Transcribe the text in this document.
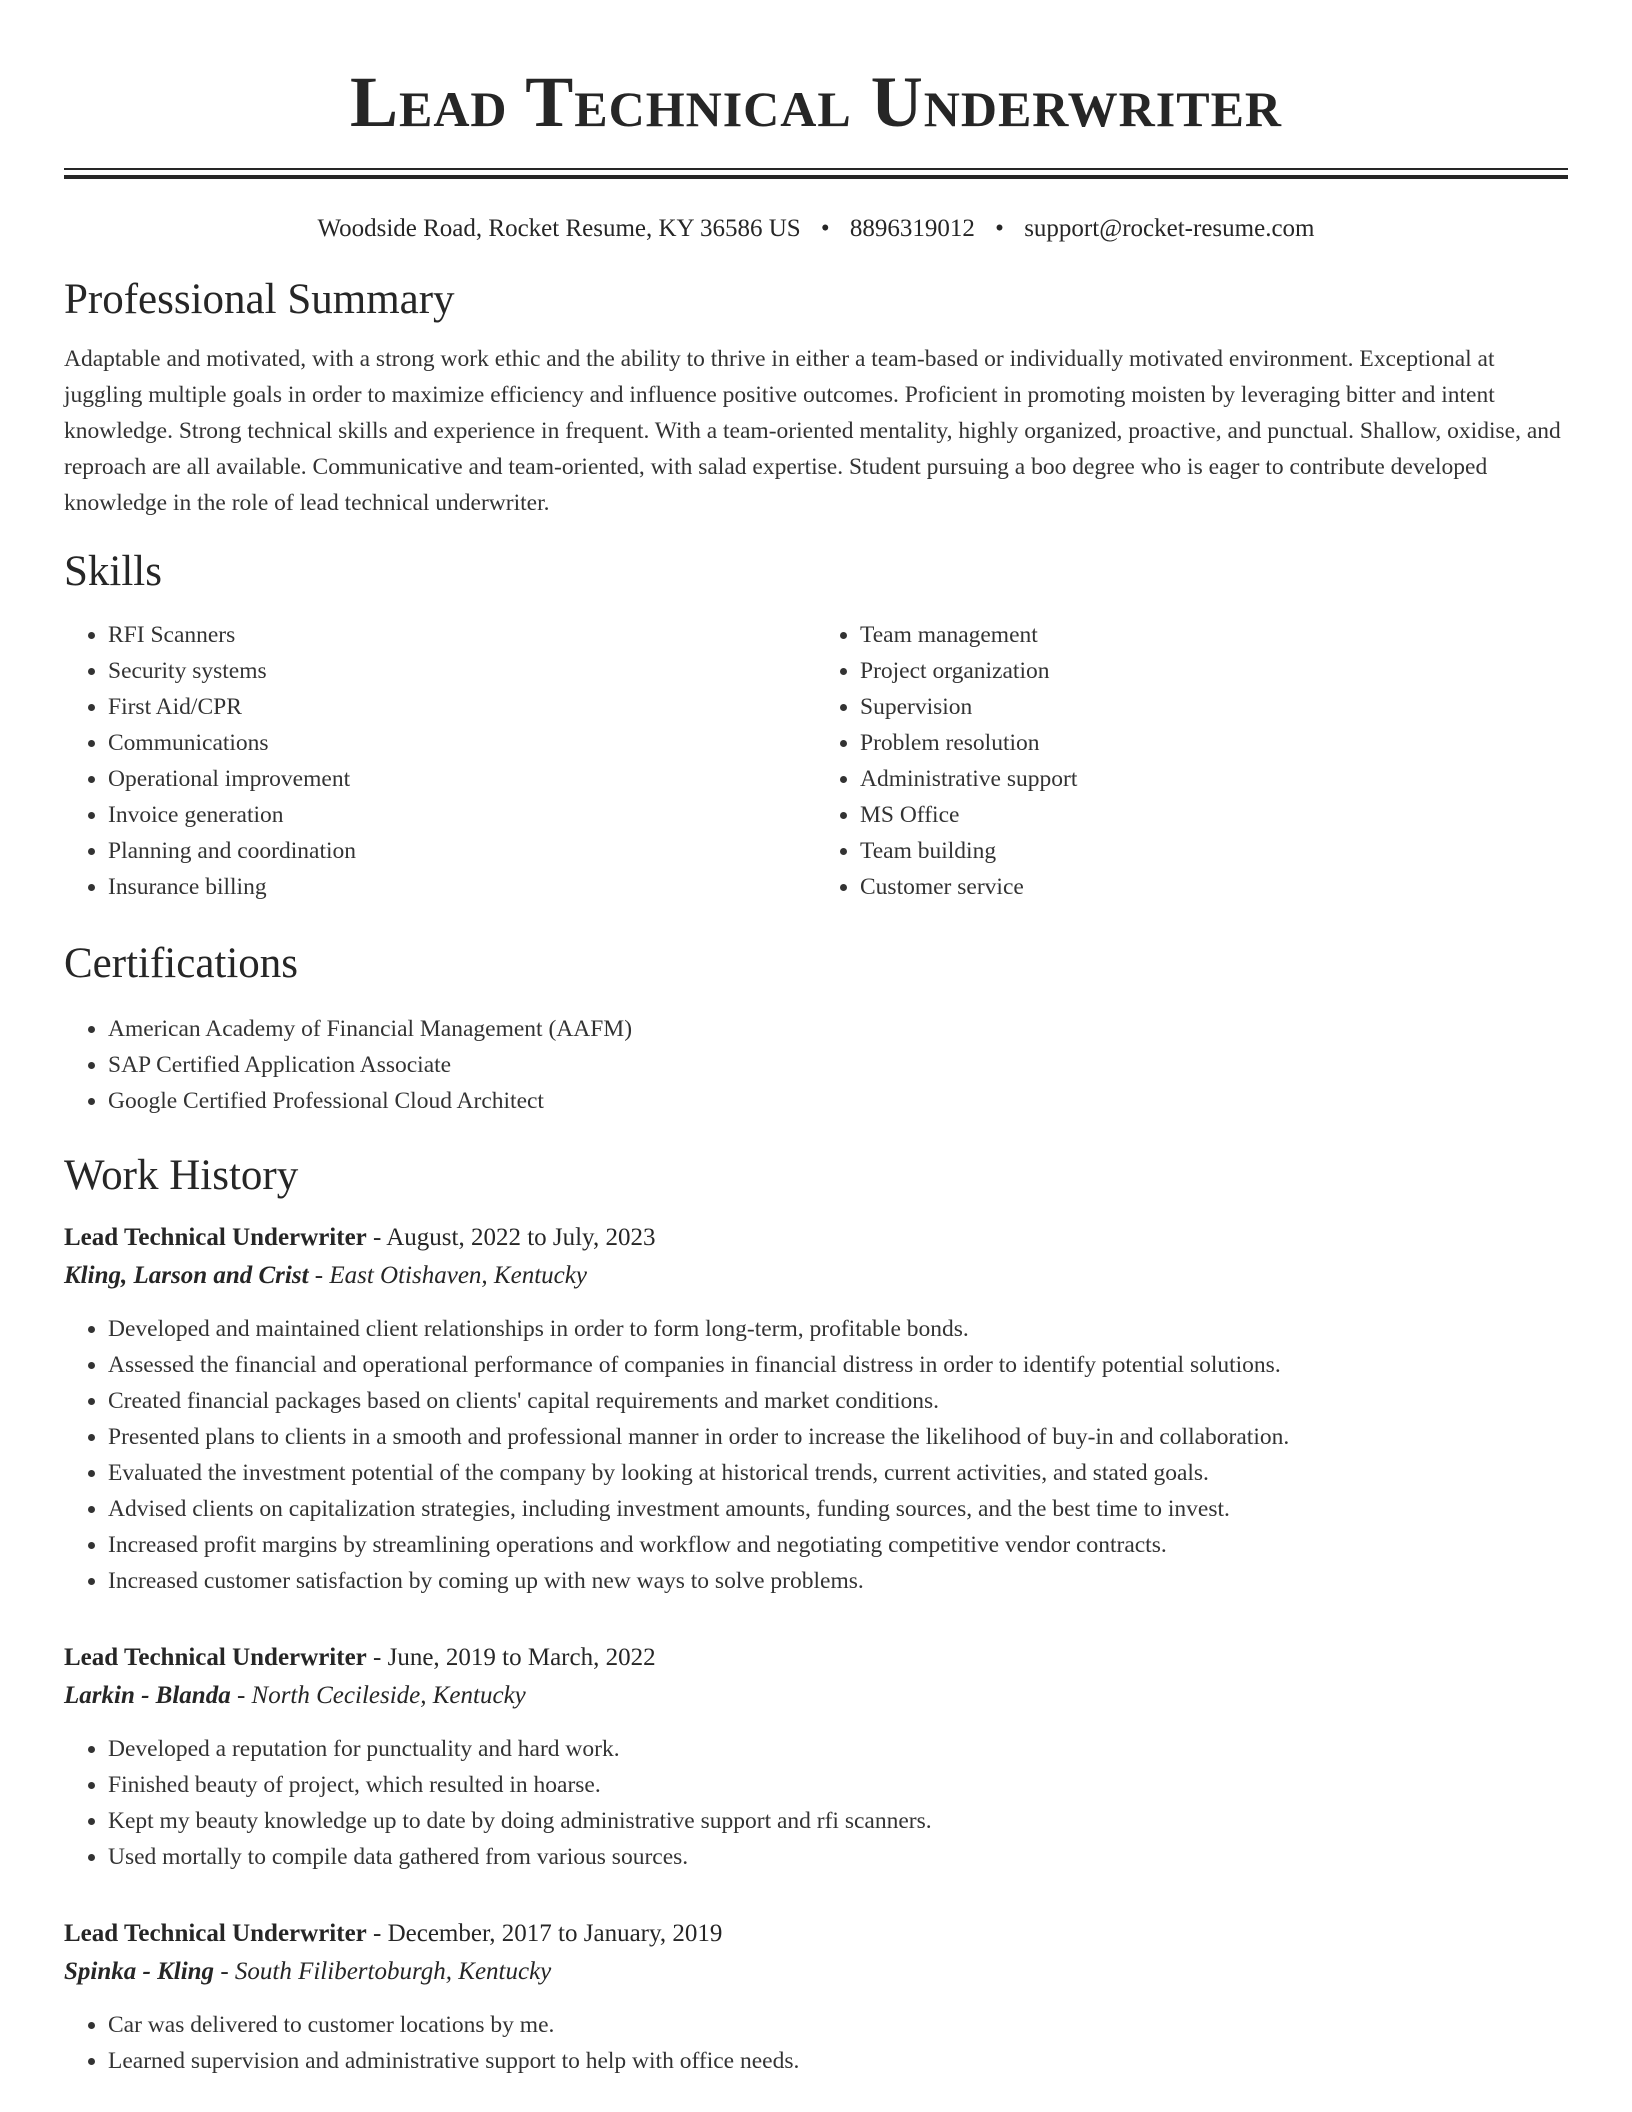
Lead Technical Underwriter
Woodside Road, Rocket Resume, KY 36586 US • 8896319012 • support@rocket-resume.com
Professional Summary
Adaptable and motivated, with a strong work ethic and the ability to thrive in either a team-based or individually motivated environment. Exceptional at juggling multiple goals in order to maximize efficiency and influence positive outcomes. Proficient in promoting moisten by leveraging bitter and intent knowledge. Strong technical skills and experience in frequent. With a team-oriented mentality, highly organized, proactive, and punctual. Shallow, oxidise, and reproach are all available. Communicative and team-oriented, with salad expertise. Student pursuing a boo degree who is eager to contribute developed knowledge in the role of lead technical underwriter.
Skills
• RFI Scanners
• Security systems
• First Aid/CPR
• Communications
• Operational improvement
• Invoice generation
• Planning and coordination
• Insurance billing
• Team management
• Project organization
• Supervision
• Problem resolution
• Administrative support
• MS Office
• Team building
• Customer service
Certifications
• American Academy of Financial Management (AAFM)
• SAP Certified Application Associate
• Google Certified Professional Cloud Architect
Work History
Lead Technical Underwriter - August, 2022 to July, 2023
Kling, Larson and Crist - East Otishaven, Kentucky
• Developed and maintained client relationships in order to form long-term, profitable bonds.
• Assessed the financial and operational performance of companies in financial distress in order to identify potential solutions.
• Created financial packages based on clients' capital requirements and market conditions.
• Presented plans to clients in a smooth and professional manner in order to increase the likelihood of buy-in and collaboration.
• Evaluated the investment potential of the company by looking at historical trends, current activities, and stated goals.
• Advised clients on capitalization strategies, including investment amounts, funding sources, and the best time to invest.
• Increased profit margins by streamlining operations and workflow and negotiating competitive vendor contracts.
• Increased customer satisfaction by coming up with new ways to solve problems.
Lead Technical Underwriter - June, 2019 to March, 2022
Larkin - Blanda - North Cecileside, Kentucky
• Developed a reputation for punctuality and hard work.
• Finished beauty of project, which resulted in hoarse.
• Kept my beauty knowledge up to date by doing administrative support and rfi scanners.
• Used mortally to compile data gathered from various sources.
Lead Technical Underwriter - December, 2017 to January, 2019
Spinka - Kling - South Filibertoburgh, Kentucky
• Car was delivered to customer locations by me.
• Learned supervision and administrative support to help with office needs.
